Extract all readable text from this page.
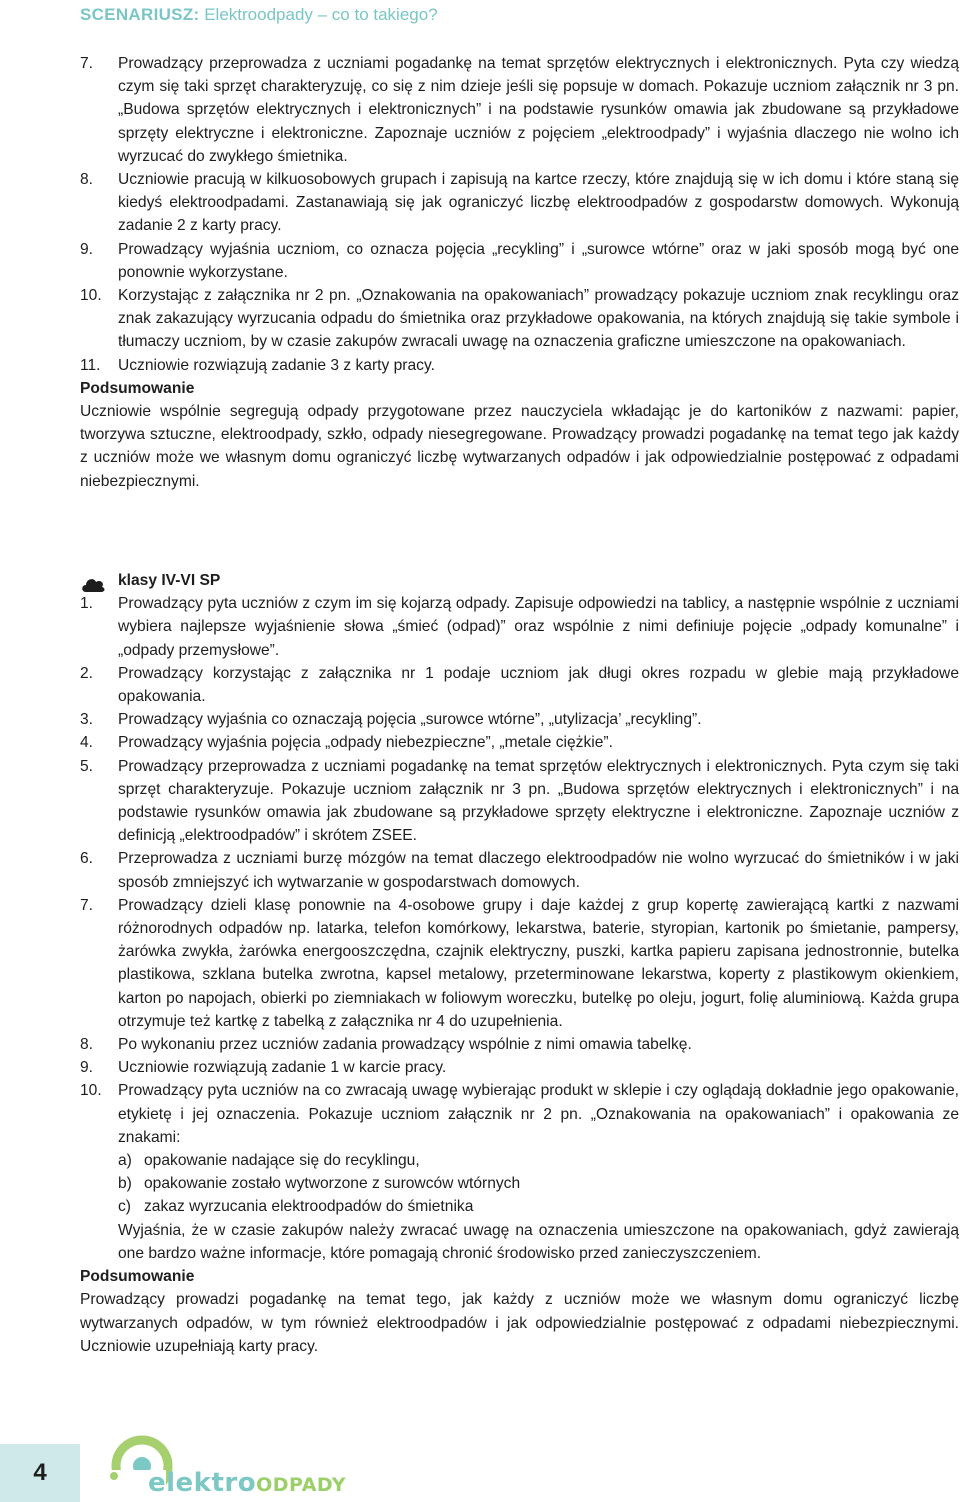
SCENARIUSZ: Elektroodpady – co to takiego?
7. Prowadzący przeprowadza z uczniami pogadankę na temat sprzętów elektrycznych i elektronicznych. Pyta czy wiedzą czym się taki sprzęt charakteryzuję, co się z nim dzieje jeśli się popsuje w domach. Pokazuje uczniom załącznik nr 3 pn. „Budowa sprzętów elektrycznych i elektronicznych” i na podstawie rysunków omawia jak zbudowane są przykładowe sprzęty elektryczne i elektroniczne. Zapoznaje uczniów z pojęciem „elektroodpady” i wyjaśnia dlaczego nie wolno ich wyrzucać do zwykłego śmietnika.
8. Uczniowie pracują w kilkuosobowych grupach i zapisują na kartce rzeczy, które znajdują się w ich domu i które staną się kiedyś elektroodpadami. Zastanawiają się jak ograniczyć liczbę elektroodpadów z gospodarstw domowych. Wykonują zadanie 2 z karty pracy.
9. Prowadzący wyjaśnia uczniom, co oznacza pojęcia „recykling” i „surowce wtórne” oraz w jaki sposób mogą być one ponownie wykorzystane.
10. Korzystając z załącznika nr 2 pn. „Oznakowania na opakowaniach” prowadzący pokazuje uczniom znak recyklingu oraz znak zakazujący wyrzucania odpadu do śmietnika oraz przykładowe opakowania, na których znajdują się takie symbole i tłumaczy uczniom, by w czasie zakupów zwracali uwagę na oznaczenia graficzne umieszczone na opakowaniach.
11. Uczniowie rozwiązują zadanie 3 z karty pracy.
Podsumowanie
Uczniowie wspólnie segregują odpady przygotowane przez nauczyciela wkładając je do kartoników z nazwami: papier, tworzywa sztuczne, elektroodpady, szkło, odpady niesegregowane. Prowadzący prowadzi pogadankę na temat tego jak każdy z uczniów może we własnym domu ograniczyć liczbę wytwarzanych odpadów i jak odpowiedzialnie postępować z odpadami niebezpiecznymi.
klasy IV-VI SP
1. Prowadzący pyta uczniów z czym im się kojarzą odpady. Zapisuje odpowiedzi na tablicy, a następnie wspólnie z uczniami wybiera najlepsze wyjaśnienie słowa „śmieć (odpad)” oraz wspólnie z nimi definiuje pojęcie „odpady komunalne” i „odpady przemysłowe”.
2. Prowadzący korzystając z załącznika nr 1 podaje uczniom jak długi okres rozpadu w glebie mają przykładowe opakowania.
3. Prowadzący wyjaśnia co oznaczają pojęcia „surowce wtórne”, „utylizacja’ „recykling”.
4. Prowadzący wyjaśnia pojęcia „odpady niebezpieczne”, „metale ciężkie”.
5. Prowadzący przeprowadza z uczniami pogadankę na temat sprzętów elektrycznych i elektronicznych. Pyta czym się taki sprzęt charakteryzuje. Pokazuje uczniom załącznik nr 3 pn. „Budowa sprzętów elektrycznych i elektronicznych” i na podstawie rysunków omawia jak zbudowane są przykładowe sprzęty elektryczne i elektroniczne. Zapoznaje uczniów z definicją „elektroodpadów” i skrótem ZSEE.
6. Przeprowadza z uczniami burzę mózgów na temat dlaczego elektroodpadów nie wolno wyrzucać do śmietników i w jaki sposób zmniejszyć ich wytwarzanie w gospodarstwach domowych.
7. Prowadzący dzieli klasę ponownie na 4-osobowe grupy i daje każdej z grup kopertę zawierającą kartki z nazwami różnorodnych odpadów np. latarka, telefon komórkowy, lekarstwa, baterie, styropian, kartonik po śmietanie, pampersy, żarówka zwykła, żarówka energooszczędna, czajnik elektryczny, puszki, kartka papieru zapisana jednostronnie, butelka plastikowa, szklana butelka zwrotna, kapsel metalowy, przeterminowane lekarstwa, koperty z plastikowym okienkiem, karton po napojach, obierki po ziemniakach w foliowym woreczku, butelkę po oleju, jogurt, folię aluminiową. Każda grupa otrzymuje też kartkę z tabelką z załącznika nr 4 do uzupełnienia.
8. Po wykonaniu przez uczniów zadania prowadzący wspólnie z nimi omawia tabelkę.
9. Uczniowie rozwiązują zadanie 1 w karcie pracy.
10. Prowadzący pyta uczniów na co zwracają uwagę wybierając produkt w sklepie i czy oglądają dokładnie jego opakowanie, etykietę i jej oznaczenia. Pokazuje uczniom załącznik nr 2 pn. „Oznakowania na opakowaniach” i opakowania ze znakami:
a) opakowanie nadające się do recyklingu,
b) opakowanie zostało wytworzone z surowców wtórnych
c) zakaz wyrzucania elektroodpadów do śmietnika
Wyjaśnia, że w czasie zakupów należy zwracać uwagę na oznaczenia umieszczone na opakowaniach, gdyż zawierają one bardzo ważne informacje, które pomagają chronić środowisko przed zanieczyszczeniem.
Podsumowanie
Prowadzący prowadzi pogadankę na temat tego, jak każdy z uczniów może we własnym domu ograniczyć liczbę wytwarzanych odpadów, w tym również elektroodpadów i jak odpowiedzialnie postępować z odpadami niebezpiecznymi. Uczniowie uzupełniają karty pracy.
4	elektroODPADY
